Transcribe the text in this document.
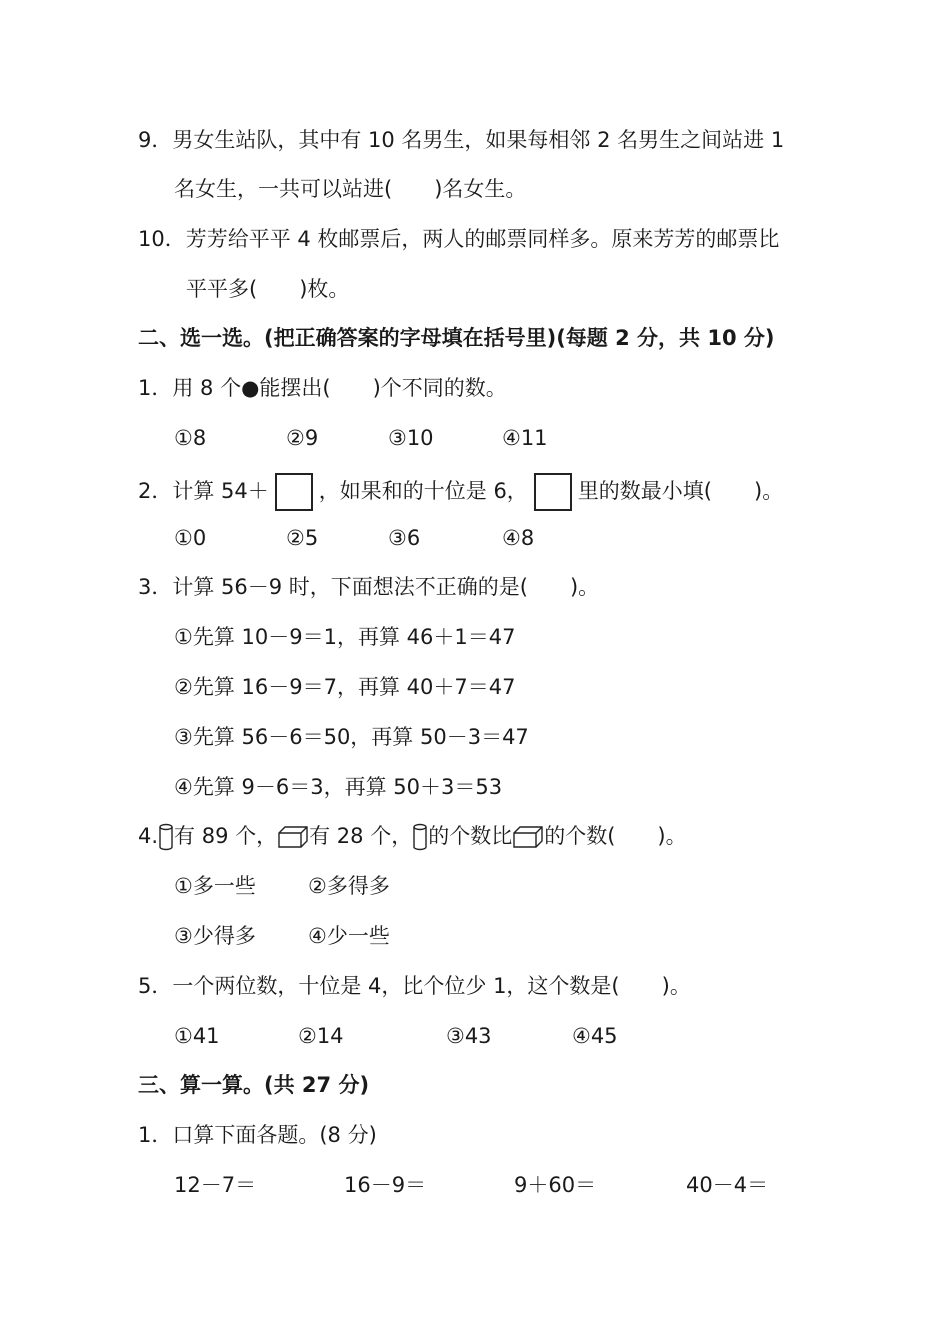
9．男女生站队，其中有 10 名男生，如果每相邻 2 名男生之间站进 1
名女生，一共可以站进(　　)名女生。
10．芳芳给平平 4 枚邮票后，两人的邮票同样多。原来芳芳的邮票比
平平多(　　)枚。
二、选一选。(把正确答案的字母填在括号里)(每题 2 分，共 10 分)
1．用 8 个●能摆出(　　)个不同的数。
①8	②9	③10	④11
2．计算 54＋ ，如果和的十位是 6， 里的数最小填(　　)。
①0	②5	③6	④8
3．计算 56－9 时，下面想法不正确的是(　　)。
①先算 10－9＝1，再算 46＋1＝47
②先算 16－9＝7，再算 40＋7＝47
③先算 56－6＝50，再算 50－3＝47
④先算 9－6＝3，再算 50＋3＝53
4. 有 89 个， 有 28 个， 的个数比 的个数(　　)。
①多一些 ②多得多
③少得多 ④少一些
5．一个两位数，十位是 4，比个位少 1，这个数是(　　)。
①41	②14	③43	④45
三、算一算。(共 27 分)
1．口算下面各题。(8 分)
12－7＝	16－9＝	9＋60＝	40－4＝
